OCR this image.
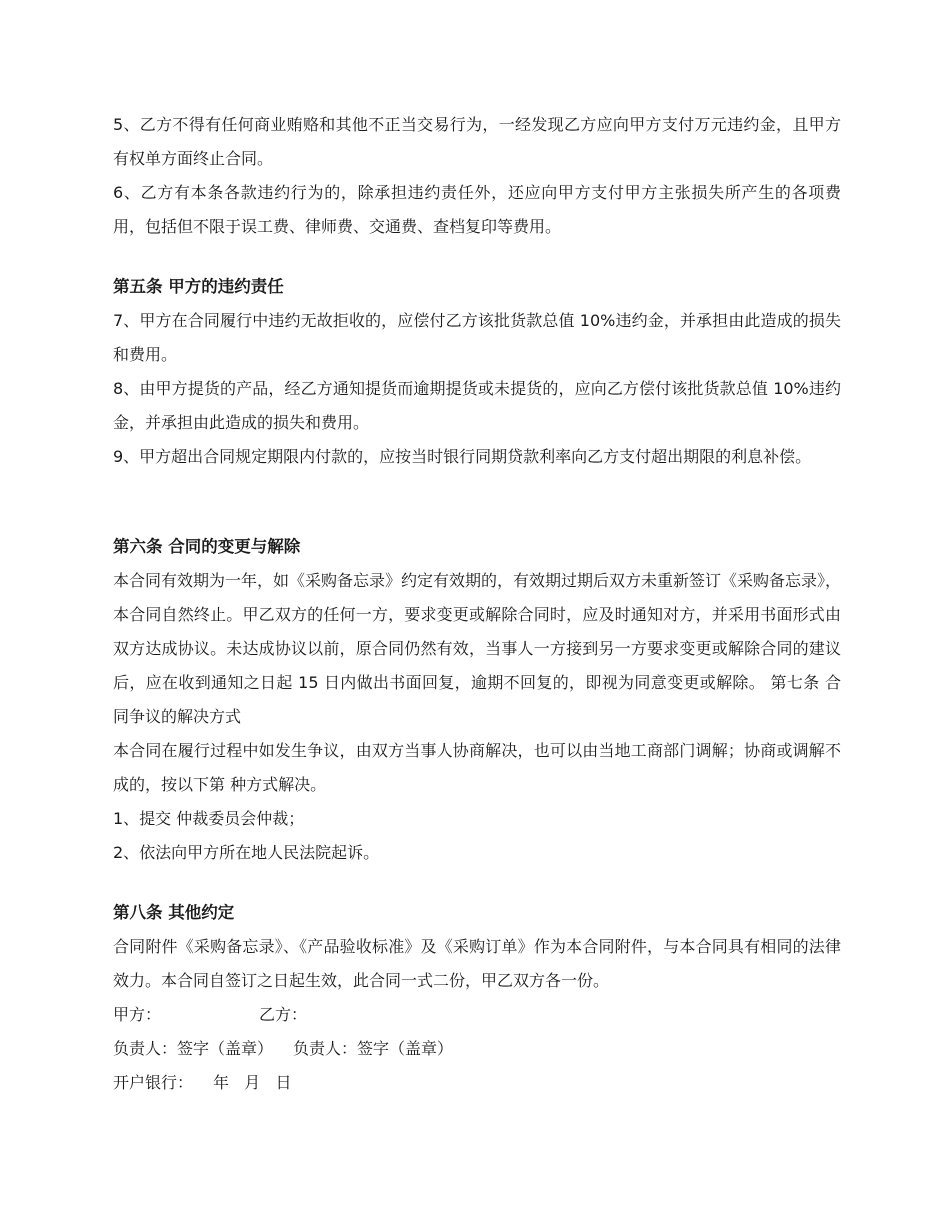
5、乙方不得有任何商业贿赂和其他不正当交易行为，一经发现乙方应向甲方支付万元违约金，且甲方有权单方面终止合同。

6、乙方有本条各款违约行为的，除承担违约责任外，还应向甲方支付甲方主张损失所产生的各项费用，包括但不限于误工费、律师费、交通费、查档复印等费用。

第五条 甲方的违约责任

7、甲方在合同履行中违约无故拒收的，应偿付乙方该批货款总值 10%违约金，并承担由此造成的损失和费用。

8、由甲方提货的产品，经乙方通知提货而逾期提货或未提货的，应向乙方偿付该批货款总值 10%违约金，并承担由此造成的损失和费用。

9、甲方超出合同规定期限内付款的，应按当时银行同期贷款利率向乙方支付超出期限的利息补偿。

第六条 合同的变更与解除

本合同有效期为一年，如《采购备忘录》约定有效期的，有效期过期后双方未重新签订《采购备忘录》，本合同自然终止。甲乙双方的任何一方，要求变更或解除合同时，应及时通知对方，并采用书面形式由双方达成协议。未达成协议以前，原合同仍然有效，当事人一方接到另一方要求变更或解除合同的建议后，应在收到通知之日起 15 日内做出书面回复，逾期不回复的，即视为同意变更或解除。 第七条 合同争议的解决方式

本合同在履行过程中如发生争议，由双方当事人协商解决，也可以由当地工商部门调解；协商或调解不成的，按以下第 种方式解决。

1、提交 仲裁委员会仲裁；

2、依法向甲方所在地人民法院起诉。

第八条 其他约定

合同附件《采购备忘录》、《产品验收标准》及《采购订单》作为本合同附件，与本合同具有相同的法律效力。本合同自签订之日起生效，此合同一式二份，甲乙双方各一份。

甲方：	乙方：

负责人：签字（盖章） 负责人：签字（盖章）

开户银行： 年   月   日
